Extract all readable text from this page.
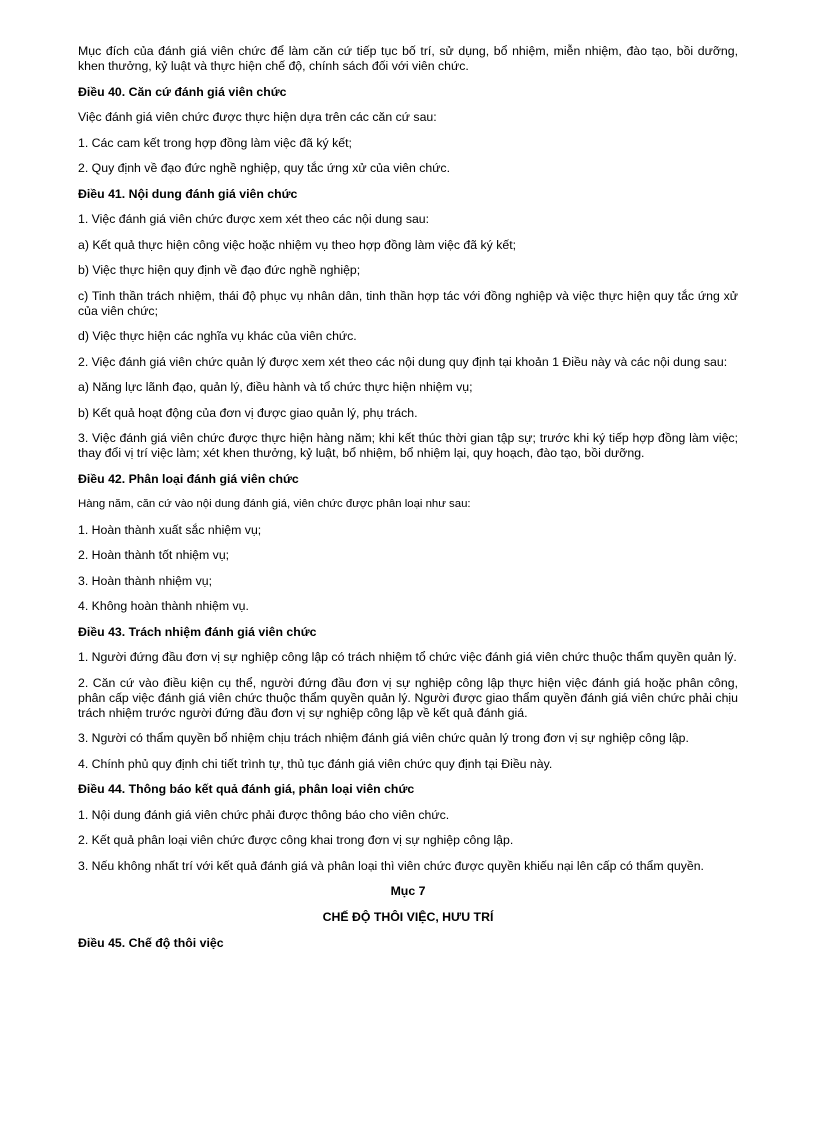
Mục đích của đánh giá viên chức để làm căn cứ tiếp tục bố trí, sử dụng, bổ nhiệm, miễn nhiệm, đào tạo, bồi dưỡng, khen thưởng, kỷ luật và thực hiện chế độ, chính sách đối với viên chức.

Điều 40. Căn cứ đánh giá viên chức

Việc đánh giá viên chức được thực hiện dựa trên các căn cứ sau:

1. Các cam kết trong hợp đồng làm việc đã ký kết;

2. Quy định về đạo đức nghề nghiệp, quy tắc ứng xử của viên chức.

Điều 41. Nội dung đánh giá viên chức

1. Việc đánh giá viên chức được xem xét theo các nội dung sau:

a) Kết quả thực hiện công việc hoặc nhiệm vụ theo hợp đồng làm việc đã ký kết;

b) Việc thực hiện quy định về đạo đức nghề nghiệp;

c) Tinh thần trách nhiệm, thái độ phục vụ nhân dân, tinh thần hợp tác với đồng nghiệp và việc thực hiện quy tắc ứng xử của viên chức;

d) Việc thực hiện các nghĩa vụ khác của viên chức.

2. Việc đánh giá viên chức quản lý được xem xét theo các nội dung quy định tại khoản 1 Điều này và các nội dung sau:

a) Năng lực lãnh đạo, quản lý, điều hành và tổ chức thực hiện nhiệm vụ;

b) Kết quả hoạt động của đơn vị được giao quản lý, phụ trách.

3. Việc đánh giá viên chức được thực hiện hàng năm; khi kết thúc thời gian tập sự; trước khi ký tiếp hợp đồng làm việc; thay đổi vị trí việc làm; xét khen thưởng, kỷ luật, bổ nhiệm, bổ nhiệm lại, quy hoạch, đào tạo, bồi dưỡng.

Điều 42. Phân loại đánh giá viên chức

Hàng năm, căn cứ vào nội dung đánh giá, viên chức được phân loại như sau:

1. Hoàn thành xuất sắc nhiệm vụ;

2. Hoàn thành tốt nhiệm vụ;

3. Hoàn thành nhiệm vụ;

4. Không hoàn thành nhiệm vụ.

Điều 43. Trách nhiệm đánh giá viên chức

1. Người đứng đầu đơn vị sự nghiệp công lập có trách nhiệm tổ chức việc đánh giá viên chức thuộc thẩm quyền quản lý.

2. Căn cứ vào điều kiện cụ thể, người đứng đầu đơn vị sự nghiệp công lập thực hiện việc đánh giá hoặc phân công, phân cấp việc đánh giá viên chức thuộc thẩm quyền quản lý. Người được giao thẩm quyền đánh giá viên chức phải chịu trách nhiệm trước người đứng đầu đơn vị sự nghiệp công lập về kết quả đánh giá.

3. Người có thẩm quyền bổ nhiệm chịu trách nhiệm đánh giá viên chức quản lý trong đơn vị sự nghiệp công lập.

4. Chính phủ quy định chi tiết trình tự, thủ tục đánh giá viên chức quy định tại Điều này.

Điều 44. Thông báo kết quả đánh giá, phân loại viên chức

1. Nội dung đánh giá viên chức phải được thông báo cho viên chức.

2. Kết quả phân loại viên chức được công khai trong đơn vị sự nghiệp công lập.

3. Nếu không nhất trí với kết quả đánh giá và phân loại thì viên chức được quyền khiếu nại lên cấp có thẩm quyền.

Mục 7

CHẾ ĐỘ THÔI VIỆC, HƯU TRÍ

Điều 45. Chế độ thôi việc
